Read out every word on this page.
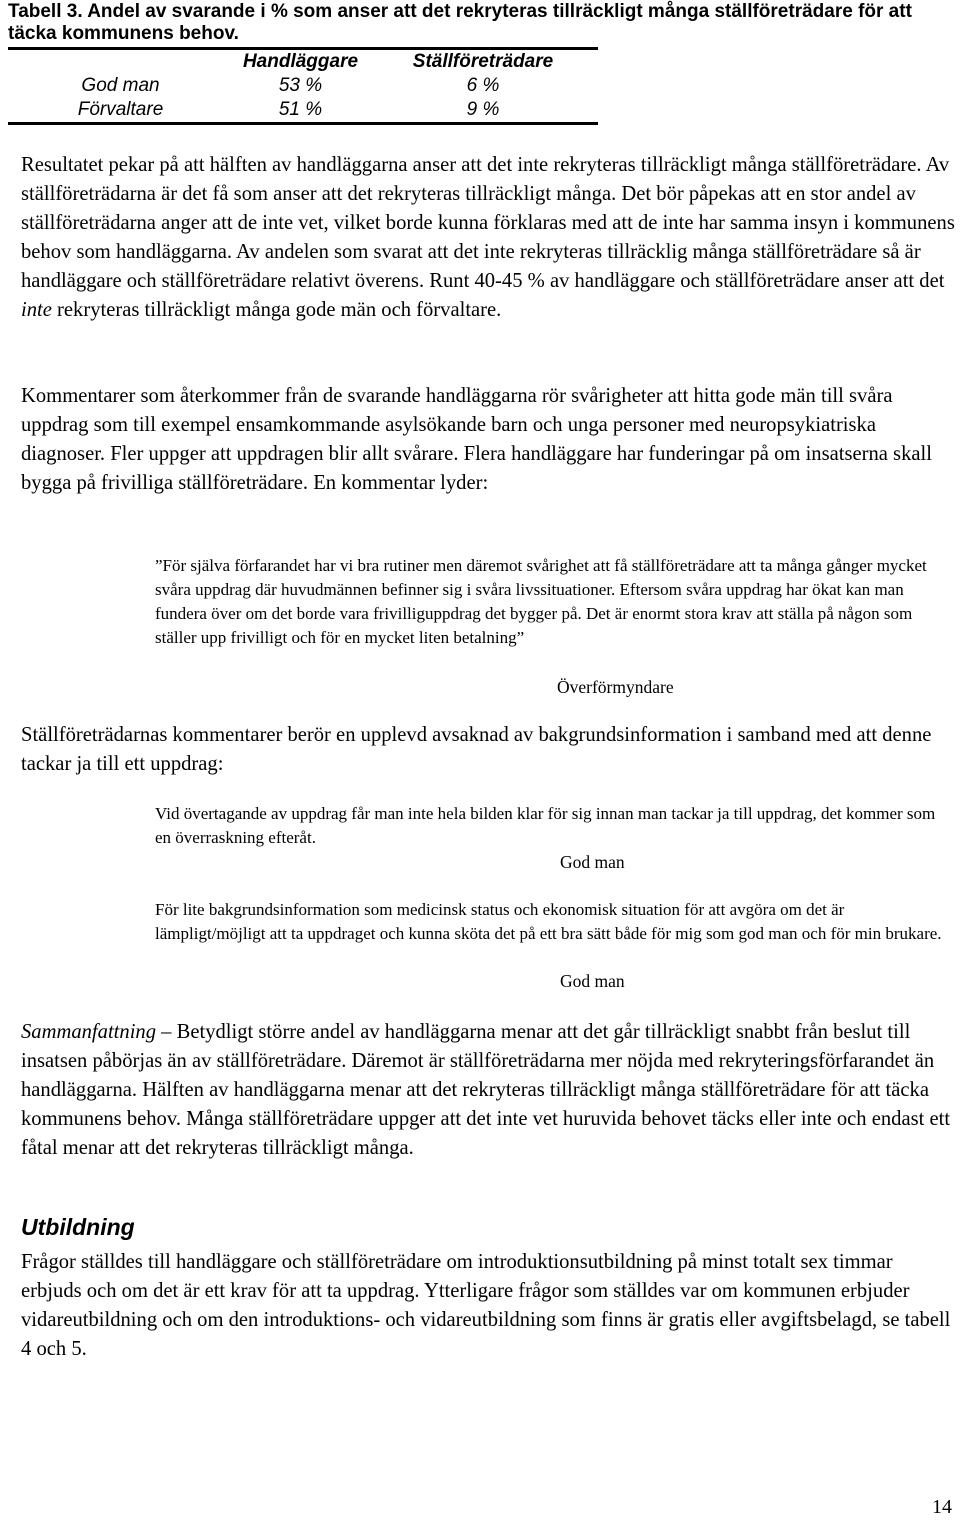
Tabell 3. Andel av svarande i % som anser att det rekryteras tillräckligt många ställföreträdare för att täcka kommunens behov.

	Handläggare	Ställföreträdare
God man	53 %	6 %
Förvaltare	51 %	9 %

Resultatet pekar på att hälften av handläggarna anser att det inte rekryteras tillräckligt många ställföreträdare. Av ställföreträdarna är det få som anser att det rekryteras tillräckligt många. Det bör påpekas att en stor andel av ställföreträdarna anger att de inte vet, vilket borde kunna förklaras med att de inte har samma insyn i kommunens behov som handläggarna. Av andelen som svarat att det inte rekryteras tillräcklig många ställföreträdare så är handläggare och ställföreträdare relativt överens. Runt 40-45 % av handläggare och ställföreträdare anser att det inte rekryteras tillräckligt många gode män och förvaltare.

Kommentarer som återkommer från de svarande handläggarna rör svårigheter att hitta gode män till svåra uppdrag som till exempel ensamkommande asylsökande barn och unga personer med neuropsykiatriska diagnoser. Fler uppger att uppdragen blir allt svårare. Flera handläggare har funderingar på om insatserna skall bygga på frivilliga ställföreträdare. En kommentar lyder:

”För själva förfarandet har vi bra rutiner men däremot svårighet att få ställföreträdare att ta många gånger mycket svåra uppdrag där huvudmännen befinner sig i svåra livssituationer. Eftersom svåra uppdrag har ökat kan man fundera över om det borde vara frivilliguppdrag det bygger på. Det är enormt stora krav att ställa på någon som ställer upp frivilligt och för en mycket liten betalning”

Överförmyndare

Ställföreträdarnas kommentarer berör en upplevd avsaknad av bakgrundsinformation i samband med att denne tackar ja till ett uppdrag:

Vid övertagande av uppdrag får man inte hela bilden klar för sig innan man tackar ja till uppdrag, det kommer som en överraskning efteråt.

God man

För lite bakgrundsinformation som medicinsk status och ekonomisk situation för att avgöra om det är lämpligt/möjligt att ta uppdraget och kunna sköta det på ett bra sätt både för mig som god man och för min brukare.

God man

Sammanfattning – Betydligt större andel av handläggarna menar att det går tillräckligt snabbt från beslut till insatsen påbörjas än av ställföreträdare. Däremot är ställföreträdarna mer nöjda med rekryteringsförfarandet än handläggarna. Hälften av handläggarna menar att det rekryteras tillräckligt många ställföreträdare för att täcka kommunens behov. Många ställföreträdare uppger att det inte vet huruvida behovet täcks eller inte och endast ett fåtal menar att det rekryteras tillräckligt många.

Utbildning

Frågor ställdes till handläggare och ställföreträdare om introduktionsutbildning på minst totalt sex timmar erbjuds och om det är ett krav för att ta uppdrag. Ytterligare frågor som ställdes var om kommunen erbjuder vidareutbildning och om den introduktions- och vidareutbildning som finns är gratis eller avgiftsbelagd, se tabell 4 och 5.

14
